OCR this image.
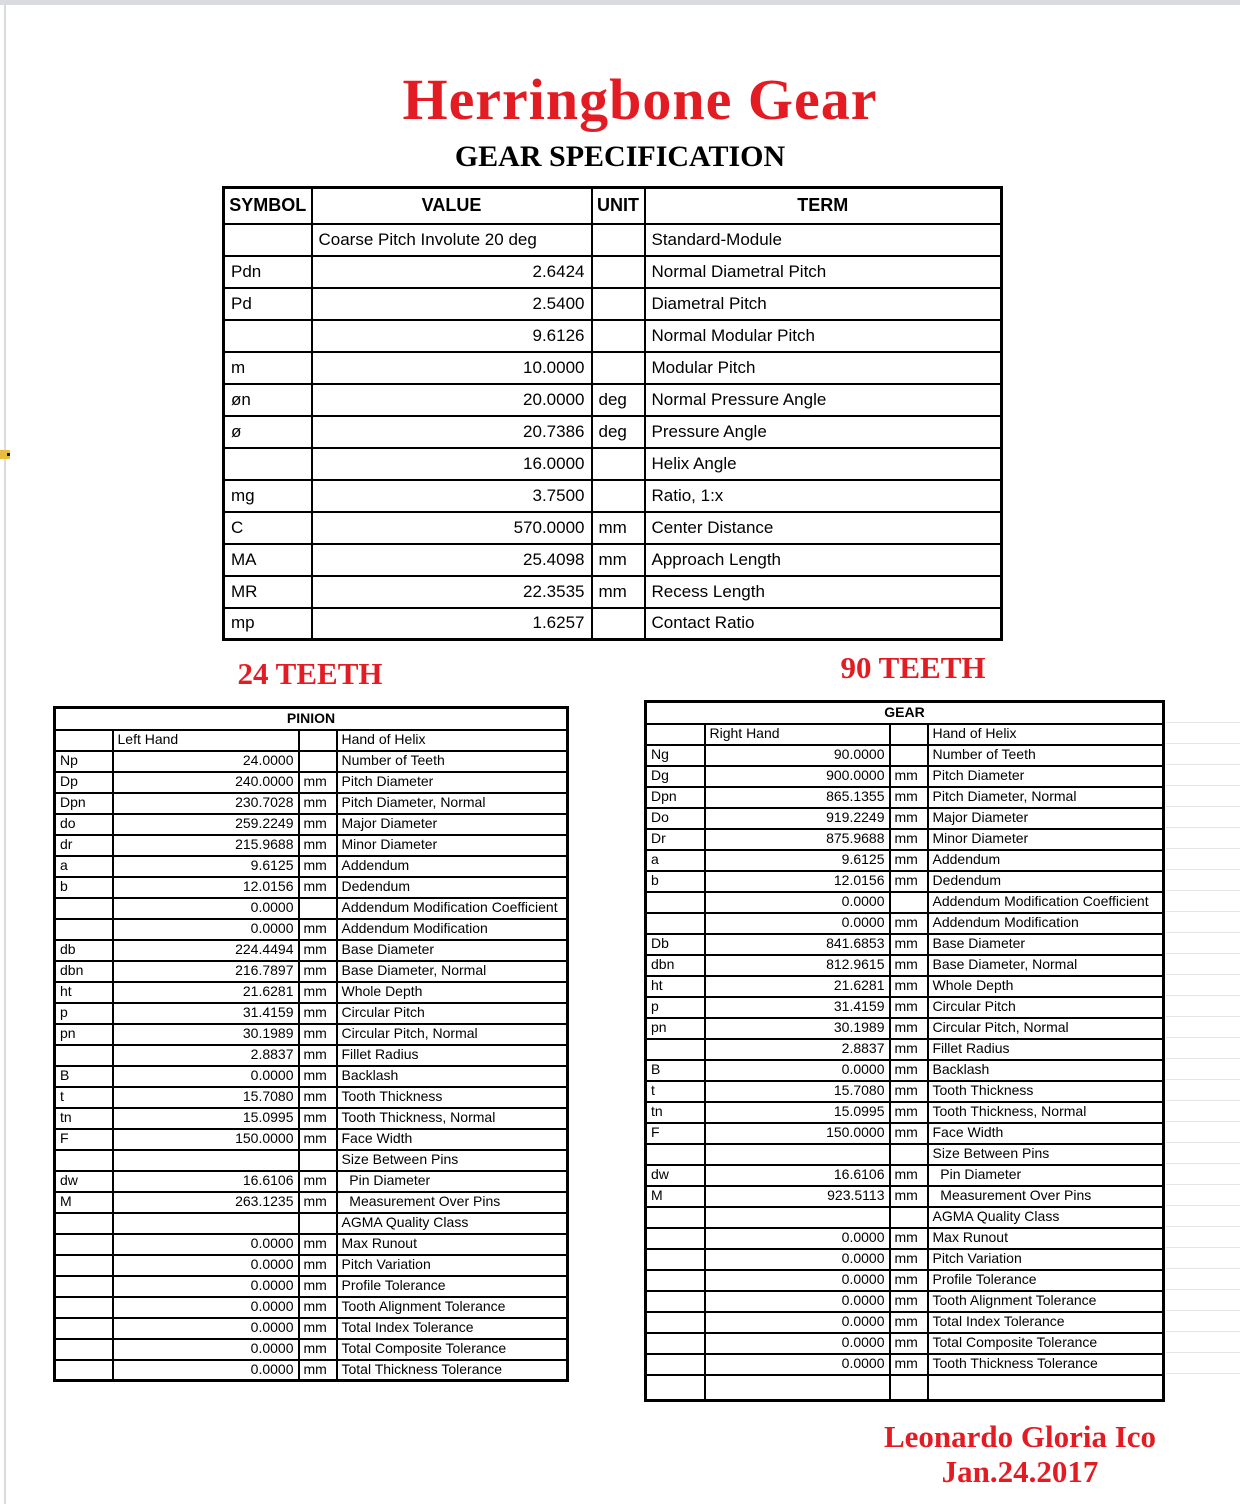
Herringbone Gear
GEAR SPECIFICATION
SYMBOL	VALUE	UNIT	TERM
	Coarse Pitch Involute 20 deg		Standard-Module
Pdn	2.6424		Normal Diametral Pitch
Pd	2.5400		Diametral Pitch
	9.6126		Normal Modular Pitch
m	10.0000		Modular Pitch
øn	20.0000	deg	Normal Pressure Angle
ø	20.7386	deg	Pressure Angle
	16.0000		Helix Angle
mg	3.7500		Ratio, 1:x
C	570.0000	mm	Center Distance
MA	25.4098	mm	Approach Length
MR	22.3535	mm	Recess Length
mp	1.6257		Contact Ratio
24 TEETH	90 TEETH
PINION			
	Left Hand		Hand of Helix
Np	24.0000		Number of Teeth
Dp	240.0000	mm	Pitch Diameter
Dpn	230.7028	mm	Pitch Diameter, Normal
do	259.2249	mm	Major Diameter
dr	215.9688	mm	Minor Diameter
a	9.6125	mm	Addendum
b	12.0156	mm	Dedendum
	0.0000		Addendum Modification Coefficient
	0.0000	mm	Addendum Modification
db	224.4494	mm	Base Diameter
dbn	216.7897	mm	Base Diameter, Normal
ht	21.6281	mm	Whole Depth
p	31.4159	mm	Circular Pitch
pn	30.1989	mm	Circular Pitch, Normal
	2.8837	mm	Fillet Radius
B	0.0000	mm	Backlash
t	15.7080	mm	Tooth Thickness
tn	15.0995	mm	Tooth Thickness, Normal
F	150.0000	mm	Face Width
			Size Between Pins
dw	16.6106	mm	Pin Diameter
M	263.1235	mm	Measurement Over Pins
			AGMA Quality Class
	0.0000	mm	Max Runout
	0.0000	mm	Pitch Variation
	0.0000	mm	Profile Tolerance
	0.0000	mm	Tooth Alignment Tolerance
	0.0000	mm	Total Index Tolerance
	0.0000	mm	Total Composite Tolerance
	0.0000	mm	Total Thickness Tolerance
GEAR			
	Right Hand		Hand of Helix
Ng	90.0000		Number of Teeth
Dg	900.0000	mm	Pitch Diameter
Dpn	865.1355	mm	Pitch Diameter, Normal
Do	919.2249	mm	Major Diameter
Dr	875.9688	mm	Minor Diameter
a	9.6125	mm	Addendum
b	12.0156	mm	Dedendum
	0.0000		Addendum Modification Coefficient
	0.0000	mm	Addendum Modification
Db	841.6853	mm	Base Diameter
dbn	812.9615	mm	Base Diameter, Normal
ht	21.6281	mm	Whole Depth
p	31.4159	mm	Circular Pitch
pn	30.1989	mm	Circular Pitch, Normal
	2.8837	mm	Fillet Radius
B	0.0000	mm	Backlash
t	15.7080	mm	Tooth Thickness
tn	15.0995	mm	Tooth Thickness, Normal
F	150.0000	mm	Face Width
			Size Between Pins
dw	16.6106	mm	Pin Diameter
M	923.5113	mm	Measurement Over Pins
			AGMA Quality Class
	0.0000	mm	Max Runout
	0.0000	mm	Pitch Variation
	0.0000	mm	Profile Tolerance
	0.0000	mm	Tooth Alignment Tolerance
	0.0000	mm	Total Index Tolerance
	0.0000	mm	Total Composite Tolerance
	0.0000	mm	Tooth Thickness Tolerance

Leonardo Gloria Ico
Jan.24.2017
